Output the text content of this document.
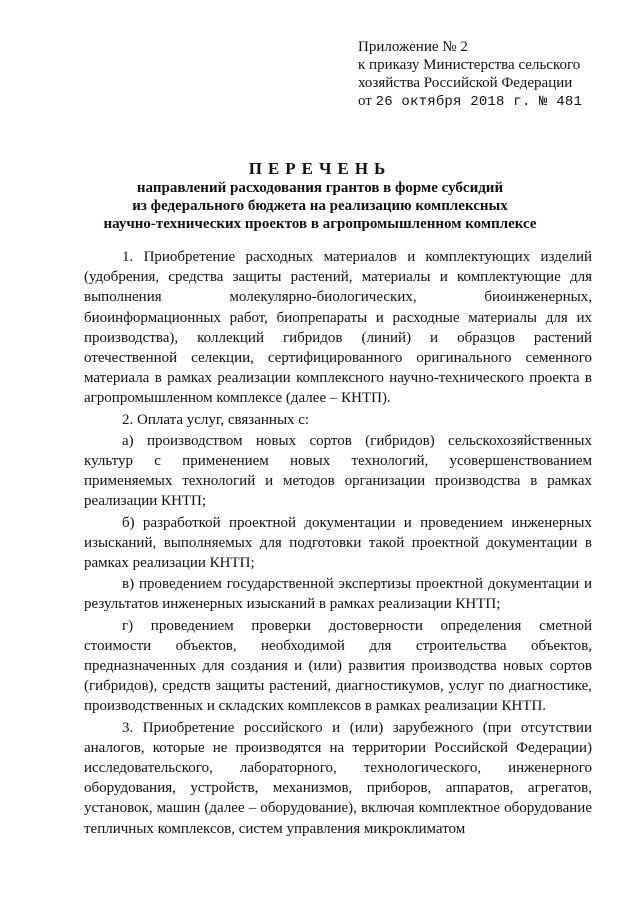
Приложение № 2
к приказу Министерства сельского
хозяйства Российской Федерации
от 26 октября 2018 г. № 481
ПЕРЕЧЕНЬ
направлений расходования грантов в форме субсидий
из федерального бюджета на реализацию комплексных
научно-технических проектов в агропромышленном комплексе

1. Приобретение расходных материалов и комплектующих изделий (удобрения, средства защиты растений, материалы и комплектующие для выполнения молекулярно-биологических, биоинженерных, биоинформационных работ, биопрепараты и расходные материалы для их производства), коллекций гибридов (линий) и образцов растений отечественной селекции, сертифицированного оригинального семенного материала в рамках реализации комплексного научно-технического проекта в агропромышленном комплексе (далее – КНТП).

2. Оплата услуг, связанных с:

а) производством новых сортов (гибридов) сельскохозяйственных культур с применением новых технологий, усовершенствованием применяемых технологий и методов организации производства в рамках реализации КНТП;

б) разработкой проектной документации и проведением инженерных изысканий, выполняемых для подготовки такой проектной документации в рамках реализации КНТП;

в) проведением государственной экспертизы проектной документации и результатов инженерных изысканий в рамках реализации КНТП;

г) проведением проверки достоверности определения сметной стоимости объектов, необходимой для строительства объектов, предназначенных для создания и (или) развития производства новых сортов (гибридов), средств защиты растений, диагностикумов, услуг по диагностике, производственных и складских комплексов в рамках реализации КНТП.

3. Приобретение российского и (или) зарубежного (при отсутствии аналогов, которые не производятся на территории Российской Федерации) исследовательского, лабораторного, технологического, инженерного оборудования, устройств, механизмов, приборов, аппаратов, агрегатов, установок, машин (далее – оборудование), включая комплектное оборудование тепличных комплексов, систем управления микроклиматом
